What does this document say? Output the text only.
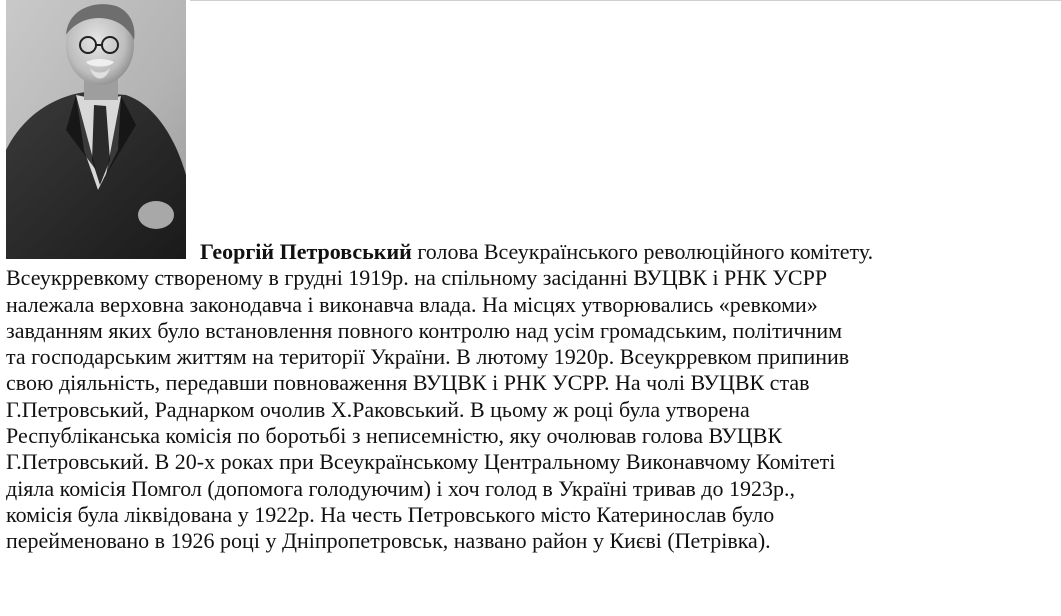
Георгій Петровський голова Всеукраїнського революційного комітету.
Всеукрревкому створеному в грудні 1919р. на спільному засіданні ВУЦВК і РНК УСРР
належала верховна законодавча і виконавча влада. На місцях утворювались «ревкоми»
завданням яких було встановлення повного контролю над усім громадським, політичним
та господарським життям на території України. В лютому 1920р. Всеукрревком припинив
свою діяльність, передавши повноваження ВУЦВК і РНК УСРР. На чолі ВУЦВК став
Г.Петровський, Раднарком очолив Х.Раковський. В цьому ж році була утворена
Республіканська комісія по боротьбі з неписемністю, яку очолював голова ВУЦВК
Г.Петровський. В 20-х роках при Всеукраїнському Центральному Виконавчому Комітеті
діяла комісія Помгол (допомога голодуючим) і хоч голод в Україні тривав до 1923р.,
комісія була ліквідована у 1922р. На честь Петровського місто Катеринослав було
перейменовано в 1926 році у Дніпропетровськ, названо район у Києві (Петрівка).
